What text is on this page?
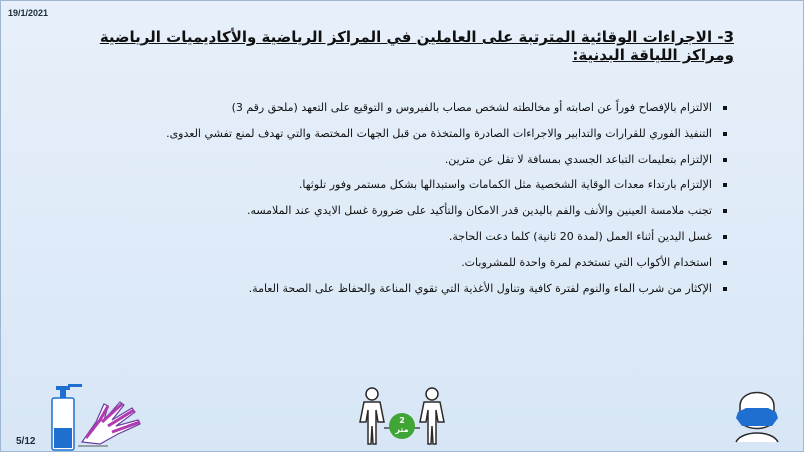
19/1/2021
3- الاجراءات الوقائية المترتبة على العاملين في المراكز الرياضية والأكاديميات الرياضية ومراكز اللياقة البدنية:
الالتزام بالإفصاح فوراً عن اصابته أو مخالطته لشخص مصاب بالفيروس و التوقيع على التعهد (ملحق رقم 3)
التنفيذ الفوري للقرارات والتدابير والاجراءات الصادرة والمتخذة من قبل الجهات المختصة والتي تهدف لمنع تفشي العدوى.
الإلتزام بتعليمات التباعد الجسدي بمسافة لا تقل عن مترين.
الإلتزام بارتداء معدات الوقاية الشخصية مثل الكمامات واستبدالها بشكل مستمر وفور تلوثها.
تجنب ملامسة العينين والأنف والفم باليدين قدر الامكان والتأكيد على ضرورة غسل الايدي عند الملامسه.
غسل اليدين أثناء العمل (لمدة 20 ثانية) كلما دعت الحاجة.
استخدام الأكواب التي تستخدم لمرة واحدة للمشروبات.
الإكثار من شرب الماء والنوم لفترة كافية وتناول الأغذية التي تقوي المناعة والحفاظ على الصحة العامة.
2
متر
5/12
